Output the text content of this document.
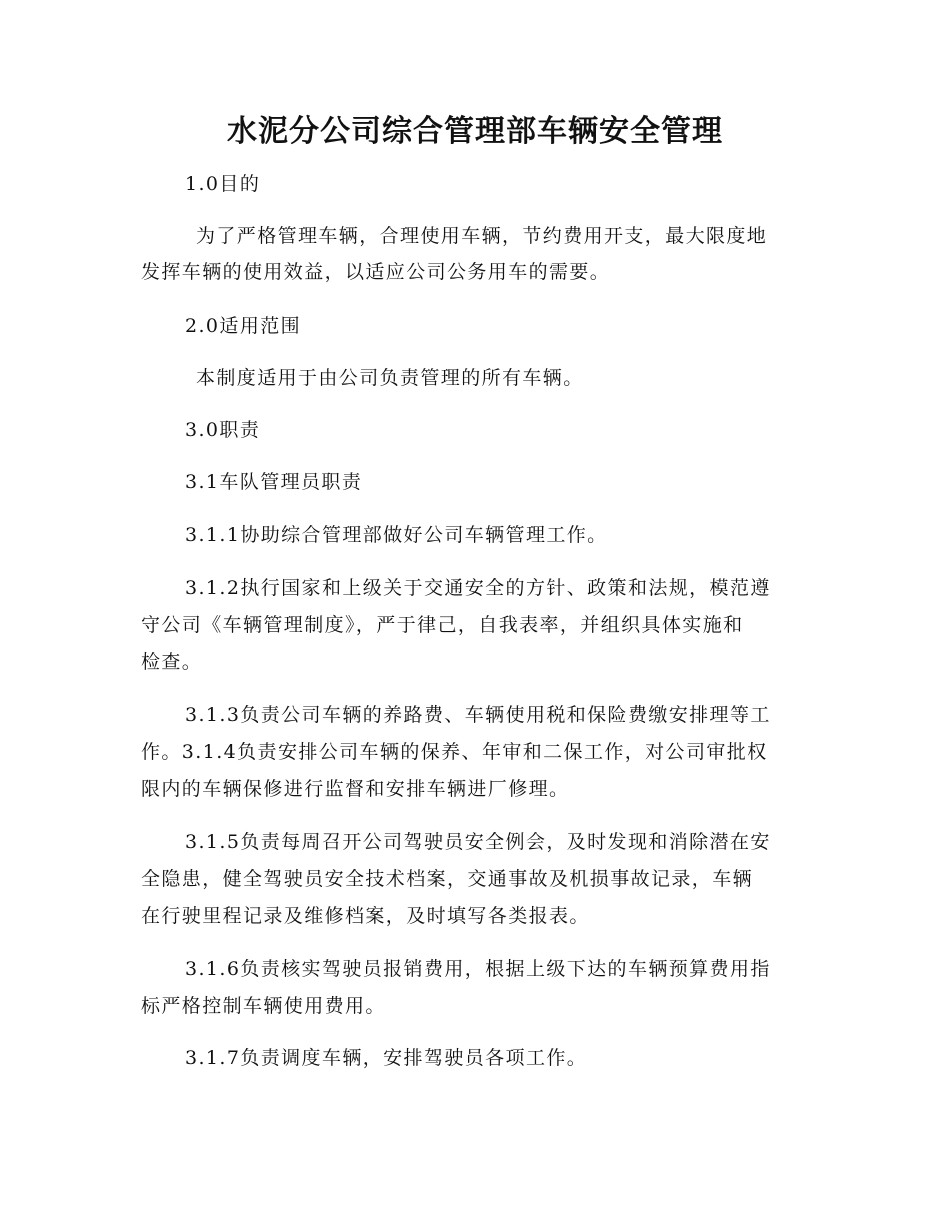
水泥分公司综合管理部车辆安全管理
1.0目的
为了严格管理车辆，合理使用车辆，节约费用开支，最大限度地
发挥车辆的使用效益，以适应公司公务用车的需要。
2.0适用范围
本制度适用于由公司负责管理的所有车辆。
3.0职责
3.1车队管理员职责
3.1.1协助综合管理部做好公司车辆管理工作。
3.1.2执行国家和上级关于交通安全的方针、政策和法规，模范遵
守公司《车辆管理制度》，严于律己，自我表率，并组织具体实施和
检查。
3.1.3负责公司车辆的养路费、车辆使用税和保险费缴安排理等工
作。3.1.4负责安排公司车辆的保养、年审和二保工作，对公司审批权
限内的车辆保修进行监督和安排车辆进厂修理。
3.1.5负责每周召开公司驾驶员安全例会，及时发现和消除潜在安
全隐患，健全驾驶员安全技术档案，交通事故及机损事故记录，车辆
在行驶里程记录及维修档案，及时填写各类报表。
3.1.6负责核实驾驶员报销费用，根据上级下达的车辆预算费用指
标严格控制车辆使用费用。
3.1.7负责调度车辆，安排驾驶员各项工作。
